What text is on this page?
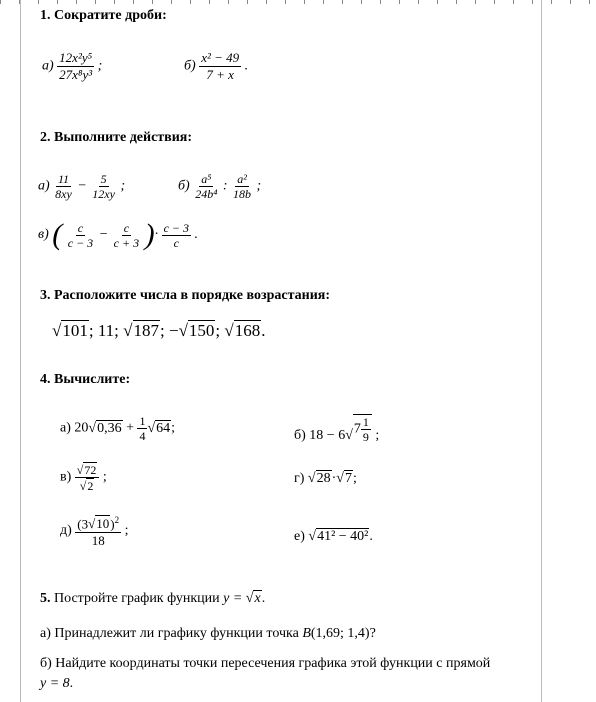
1. Сократите дроби:
$а) \frac{\text{12x²y⁵}}{\text{27x⁸y³}}$ ;	$б) \frac{\text{x² − 49}}{7 + x}$ .
2. Выполните действия:
$а) \frac{11}{8xy} - \frac{5}{12xy}$ ;	$б) \frac{\text{a⁵}}{\text{24b⁴}}$ : $\frac{\text{a²}}{18b}$ ;
в) ( $\frac{c}{c - 3} - \frac{c}{c + 3}$ )· $\frac{c - 3}{c}$ .
3. Расположите числа в порядке возрастания:
√ 101 ; 11; √ 187 ; − √ 150 ; √ 168 .
4. Вычислите:
а) 20 √ $0,36 + \frac{1}{4}$ √ 64 ;	б) 18 − 6 √ $7 \frac{1}{9}$ ;
$в) \frac{√ 72}{√ 2}$ ;	г) √ 28 · √ 7 ;
$д) \frac{(3 √ 10 )^2}{18}$ ;	е) √ 41² − 40² .
5. Постройте график функции y = √ x .
а) Принадлежит ли графику функции точка B(1,69; 1,4)?
б) Найдите координаты точки пересечения графика этой функции с прямой
y = 8.
